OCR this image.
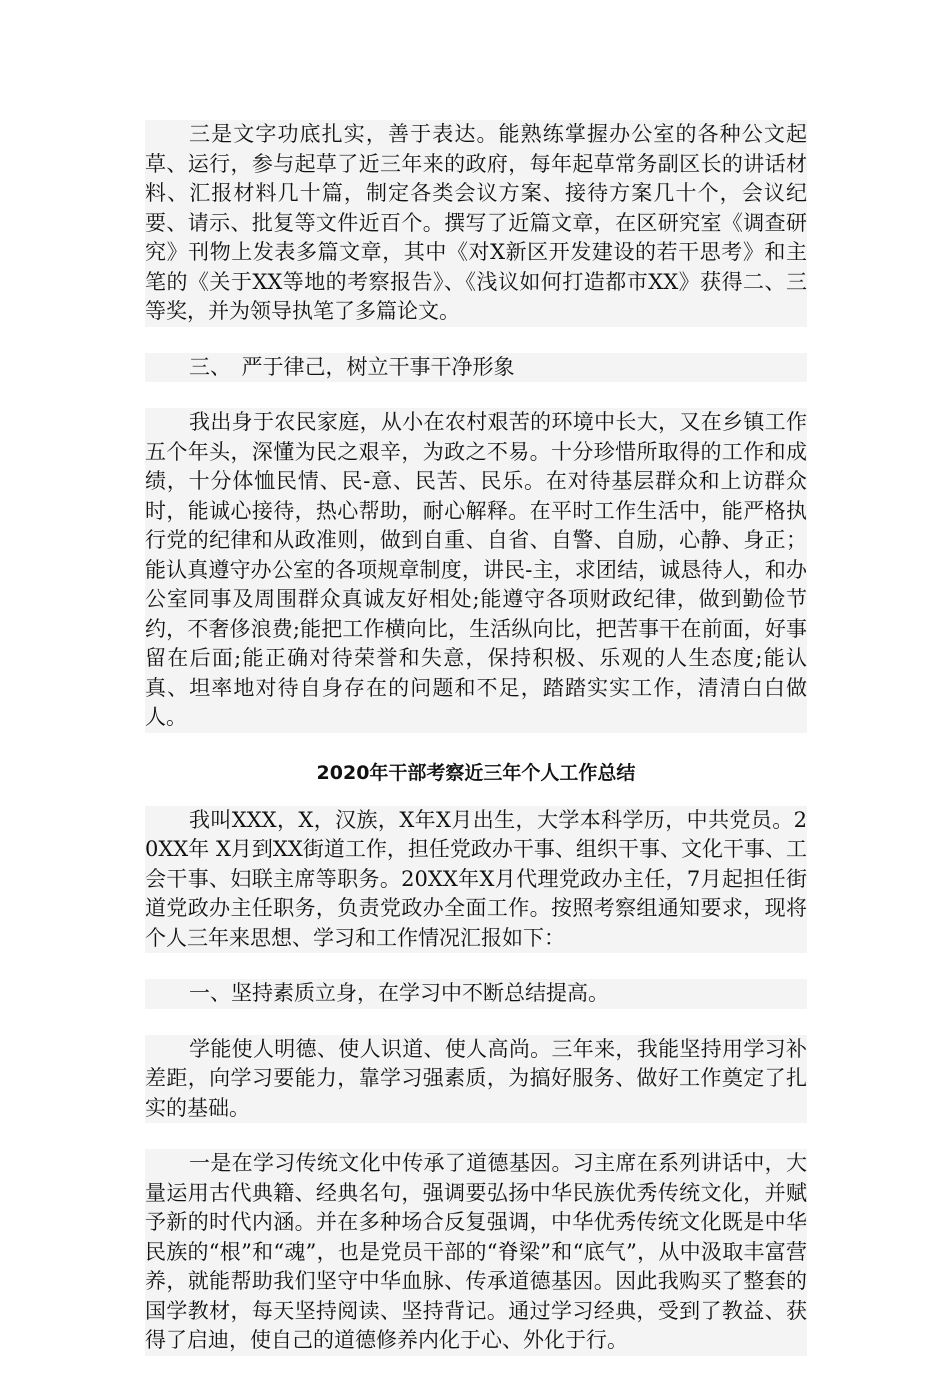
三是文字功底扎实，善于表达。能熟练掌握办公室的各种公文起草、运行，参与起草了近三年来的政府，每年起草常务副区长的讲话材料、汇报材料几十篇，制定各类会议方案、接待方案几十个，会议纪要、请示、批复等文件近百个。撰写了近篇文章，在区研究室《调查研究》刊物上发表多篇文章，其中《对X新区开发建设的若干思考》和主笔的《关于XX等地的考察报告》、《浅议如何打造都市XX》获得二、三等奖，并为领导执笔了多篇论文。

三、　严于律己，树立干事干净形象

我出身于农民家庭，从小在农村艰苦的环境中长大，又在乡镇工作五个年头，深懂为民之艰辛，为政之不易。十分珍惜所取得的工作和成绩，十分体恤民情、民-意、民苦、民乐。在对待基层群众和上访群众时，能诚心接待，热心帮助，耐心解释。在平时工作生活中，能严格执行党的纪律和从政准则，做到自重、自省、自警、自励，心静、身正；能认真遵守办公室的各项规章制度，讲民-主，求团结，诚恳待人，和办公室同事及周围群众真诚友好相处;能遵守各项财政纪律，做到勤俭节约，不奢侈浪费;能把工作横向比，生活纵向比，把苦事干在前面，好事留在后面;能正确对待荣誉和失意，保持积极、乐观的人生态度;能认真、坦率地对待自身存在的问题和不足，踏踏实实工作，清清白白做人。

2020年干部考察近三年个人工作总结

我叫XXX，X，汉族，X年X月出生，大学本科学历，中共党员。20XX年 X月到XX街道工作，担任党政办干事、组织干事、文化干事、工会干事、妇联主席等职务。20XX年X月代理党政办主任，7月起担任街道党政办主任职务，负责党政办全面工作。按照考察组通知要求，现将个人三年来思想、学习和工作情况汇报如下：

一、坚持素质立身，在学习中不断总结提高。

学能使人明德、使人识道、使人高尚。三年来，我能坚持用学习补差距，向学习要能力，靠学习强素质，为搞好服务、做好工作奠定了扎实的基础。

一是在学习传统文化中传承了道德基因。习主席在系列讲话中，大量运用古代典籍、经典名句，强调要弘扬中华民族优秀传统文化，并赋予新的时代内涵。并在多种场合反复强调，中华优秀传统文化既是中华民族的“根”和“魂”，也是党员干部的“脊梁”和“底气”，从中汲取丰富营养，就能帮助我们坚守中华血脉、传承道德基因。因此我购买了整套的国学教材，每天坚持阅读、坚持背记。通过学习经典，受到了教益、获得了启迪，使自己的道德修养内化于心、外化于行。
